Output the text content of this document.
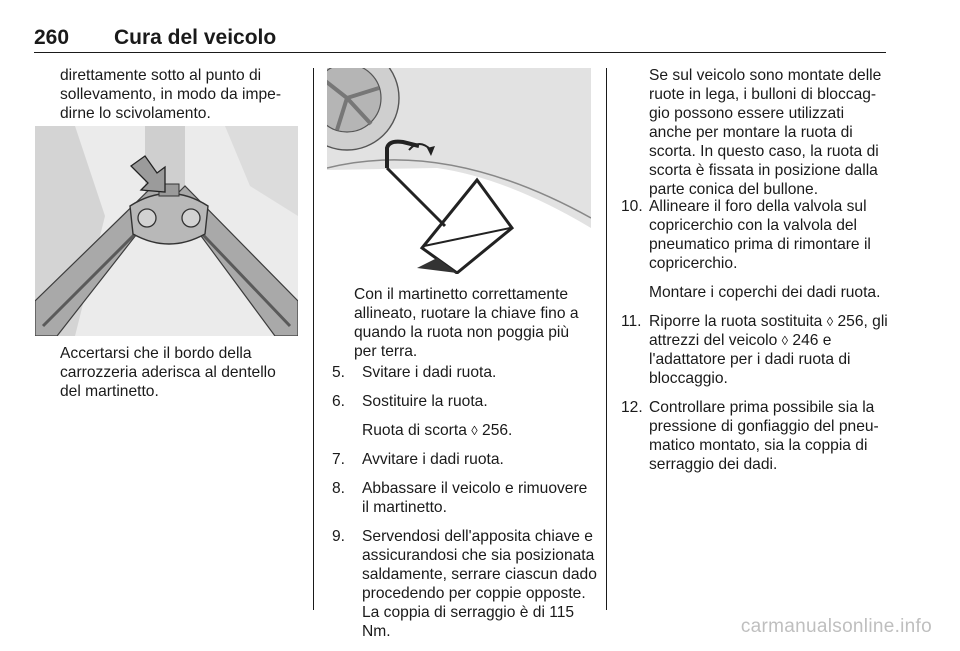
260 Cura del veicolo

direttamente sotto al punto di sollevamento, in modo da impe-dirne lo scivolamento.

Accertarsi che il bordo della carrozzeria aderisca al dentello del martinetto.

Con il martinetto correttamente allineato, ruotare la chiave fino a quando la ruota non poggia più per terra.

5. Svitare i dadi ruota.
6. Sostituire la ruota.
Ruota di scorta ◊ 256.
7. Avvitare i dadi ruota.
8. Abbassare il veicolo e rimuovere il martinetto.
9. Servendosi dell'apposita chiave e assicurandosi che sia posizionata saldamente, serrare ciascun dado procedendo per coppie opposte. La coppia di serraggio è di 115 Nm.

Se sul veicolo sono montate delle ruote in lega, i bulloni di bloccag-gio possono essere utilizzati anche per montare la ruota di scorta. In questo caso, la ruota di scorta è fissata in posizione dalla parte conica del bullone.

10. Allineare il foro della valvola sul copricerchio con la valvola del pneumatico prima di rimontare il copricerchio.
Montare i coperchi dei dadi ruota.
11. Riporre la ruota sostituita ◊ 256, gli attrezzi del veicolo ◊ 246 e l'adattatore per i dadi ruota di bloccaggio.
12. Controllare prima possibile sia la pressione di gonfiaggio del pneu-matico montato, sia la coppia di serraggio dei dadi.
carmanualsonline.info
